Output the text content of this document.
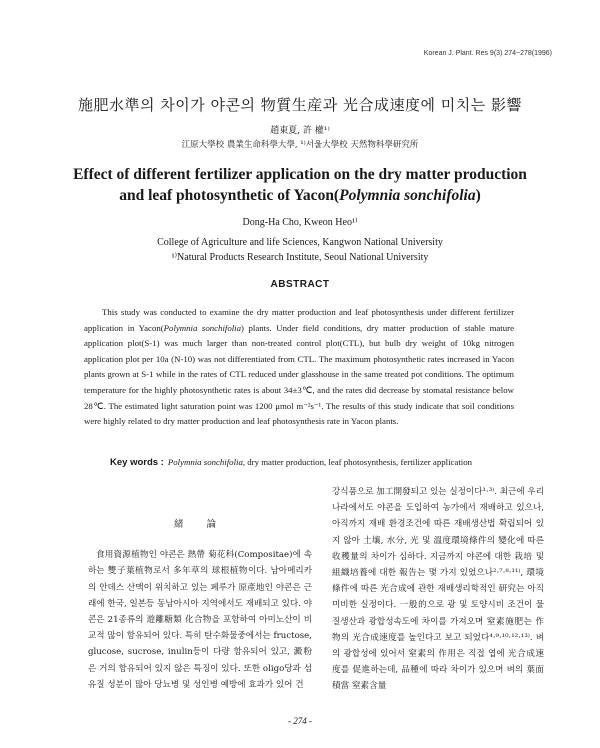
Korean J. Plant. Res 9(3) 274~278(1996)
施肥水準의 차이가 야콘의 物質生産과 光合成速度에 미치는 影響
趙東夏, 許 權¹⁾
江原大學校 農業生命科學大學, ¹⁾서울大學校 天然物科學研究所
Effect of different fertilizer application on the dry matter production
and leaf photosynthetic of Yacon(Polymnia sonchifolia)
Dong-Ha Cho, Kweon Heo¹⁾
College of Agriculture and life Sciences, Kangwon National University
¹⁾Natural Products Research Institute, Seoul National University
ABSTRACT
This study was conducted to examine the dry matter production and leaf photosynthesis under different fertilizer application in Yacon(Polymnia sonchifolia) plants. Under field conditions, dry matter production of stable mature application plot(S-1) was much larger than non-treated control plot(CTL), but bulb dry weight of 10kg nitrogen application plot per 10a (N-10) was not differentiated from CTL. The maximum photosynthetic rates increased in Yacon plants grown at S-1 while in the rates of CTL reduced under glasshouse in the same treated pot conditions. The optimum temperature for the highly photosynthetic rates is about 34±3℃, and the rates did decrease by stomatal resistance below 28℃. The estimated light saturation point was 1200 μmol m⁻²s⁻¹. The results of this study indicate that soil conditions were highly related to dry matter production and leaf photosynthesis rate in Yacon plants.
Key words : Polymnia sonchifolia, dry matter production, leaf photosynthesis, fertilizer application
緒 論

食用資源植物인 야콘은 熱帶 菊花科(Compositae)에 속하는 雙子葉植物로서 多年草의 球根植物이다. 남아메리카의 안데스 산맥이 위치하고 있는 페루가 原產地인 야콘은 근래에 한국, 일본등 동남아시아 지역에서도 재배되고 있다. 야콘은 21종류의 遊離糖類 化合物을 포함하여 아미노산이 비교적 많이 함유되어 있다. 특히 탄수화물중에서는 fructose, glucose, sucrose, inulin등이 다량 함유되어 있고, 澱粉은 거의 함유되어 있지 않은 특징이 있다. 또한 oligo당과 섬유질 성분이 많아 당뇨병 및 성인병 예방에 효과가 있어 건

강식품으로 加工開發되고 있는 실정이다¹·³⁾. 최근에 우리나라에서도 야콘을 도입하여 농가에서 재배하고 있으나, 아직까지 재배 환경조건에 따른 재배생산법 확립되어 있지 않아 土壤, 水分, 光 및 溫度環境條件의 變化에 따른 收穫量의 차이가 심하다. 지금까지 야콘에 대한 栽培 및 組織培養에 대한 報告는 몇 가지 있었으나²·⁷·⁸·¹¹⁾, 環境條件에 따른 光合成에 관한 재배생리학적인 研究는 아직 미비한 실정이다. 一般的으로 광 및 토양시비 조건이 물질생산과 광합성속도에 차이를 가져오며 窒素施肥는 作物의 光合成速度를 높인다고 보고 되었다⁴·⁹·¹⁰·¹²·¹³⁾. 벼의 광합성에 있어서 窒素의 作用은 직접 엽에 光合成速度를 促進하는데, 品種에 따라 차이가 있으며 벼의 葉面積當 窒素含量

- 274 -
